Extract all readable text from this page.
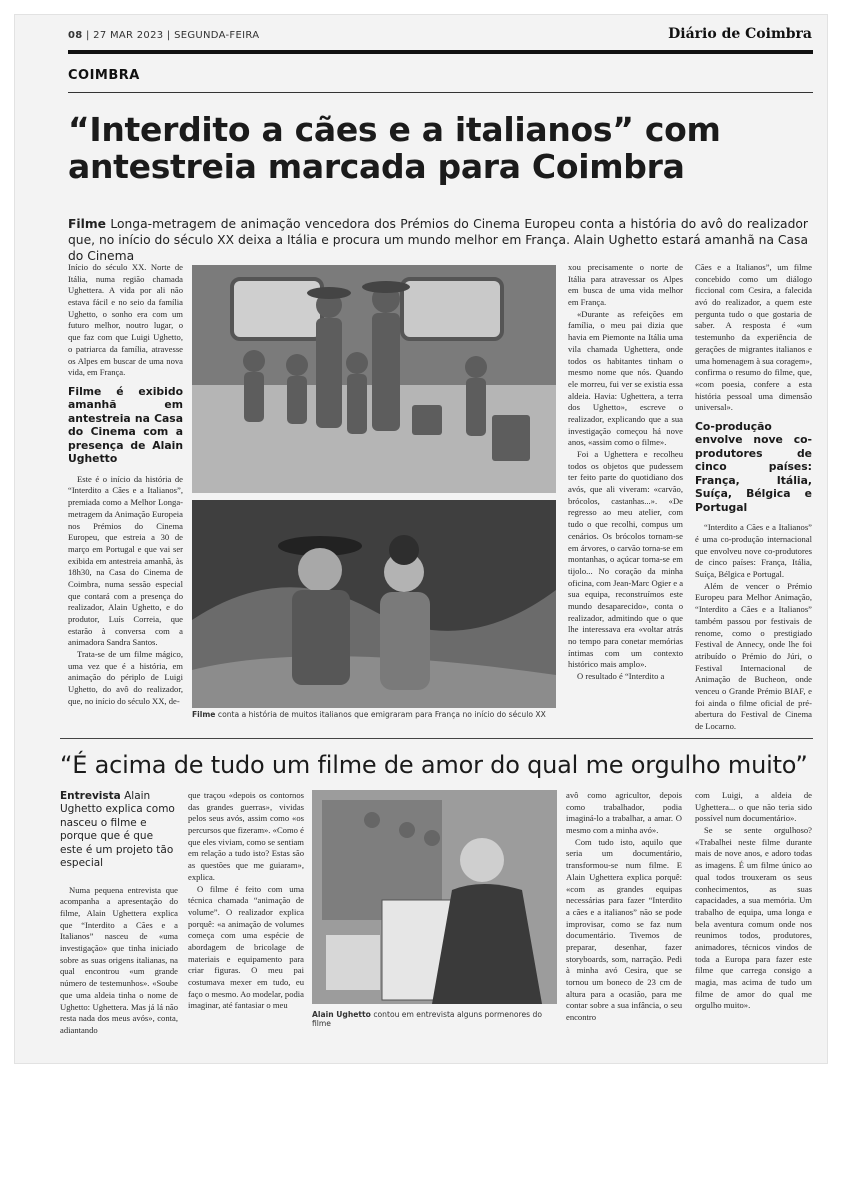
08 | 27 MAR 2023 | SEGUNDA-FEIRA	Diário de Coimbra
COIMBRA
“Interdito a cães e a italianos” com antestreia marcada para Coimbra
Filme Longa-metragem de animação vencedora dos Prémios do Cinema Europeu conta a história do avô do realizador que, no início do século XX deixa a Itália e procura um mundo melhor em França. Alain Ughetto estará amanhã na Casa do Cinema

Início do século XX. Norte de Itália, numa região chamada Ughettera. A vida por ali não estava fácil e no seio da família Ughetto, o sonho era com um futuro melhor, noutro lugar, o que faz com que Luigi Ughetto, o patriarca da família, atravesse os Alpes em buscar de uma nova vida, em França.

Filme é exibido amanhã em antestreia na Casa do Cinema com a presença de Alain Ughetto

Este é o início da história de “Interdito a Cães e a Italianos”, premiada como a Melhor Longa-metragem da Animação Europeia nos Prémios do Cinema Europeu, que estreia a 30 de março em Portugal e que vai ser exibida em antestreia amanhã, às 18h30, na Casa do Cinema de Coimbra, numa sessão especial que contará com a presença do realizador, Alain Ughetto, e do produtor, Luís Correia, que estarão à conversa com a animadora Sandra Santos.

Trata-se de um filme mágico, uma vez que é a história, em animação do périplo de Luigi Ughetto, do avô do realizador, que, no início do século XX, de-

Filme conta a história de muitos italianos que emigraram para França no início do século XX

xou precisamente o norte de Itália para atravessar os Alpes em busca de uma vida melhor em França.

«Durante as refeições em família, o meu pai dizia que havia em Piemonte na Itália uma vila chamada Ughettera, onde todos os habitantes tinham o mesmo nome que nós. Quando ele morreu, fui ver se existia essa aldeia. Havia: Ughettera, a terra dos Ughetto», escreve o realizador, explicando que a sua investigação começou há nove anos, «assim como o filme».

Foi a Ughettera e recolheu todos os objetos que pudessem ter feito parte do quotidiano dos avós, que ali viveram: «carvão, brócolos, castanhas...». «De regresso ao meu atelier, com tudo o que recolhi, compus um cenários. Os brócolos tornam-se em árvores, o carvão torna-se em montanhas, o açúcar torna-se em tijolo... No coração da minha oficina, com Jean-Marc Ogier e a sua equipa, reconstruímos este mundo desaparecido», conta o realizador, admitindo que o que lhe interessava era «voltar atrás no tempo para conetar memórias íntimas com um contexto histórico mais amplo».

O resultado é “Interdito a

Cães e a Italianos”, um filme concebido como um diálogo ficcional com Cesira, a falecida avó do realizador, a quem este pergunta tudo o que gostaria de saber. A resposta é «um testemunho da experiência de gerações de migrantes italianos e uma homenagem à sua coragem», confirma o resumo do filme, que, «com poesia, confere a esta história pessoal uma dimensão universal».

Co-produção envolve nove co-produtores de cinco países: França, Itália, Suíça, Bélgica e Portugal

“Interdito a Cães e a Italianos” é uma co-produção internacional que envolveu nove co-produtores de cinco países: França, Itália, Suíça, Bélgica e Portugal.

Além de vencer o Prémio Europeu para Melhor Animação, “Interdito a Cães e a Italianos” também passou por festivais de renome, como o prestigiado Festival de Annecy, onde lhe foi atribuído o Prémio do Júri, o Festival Internacional de Animação de Bucheon, onde venceu o Grande Prémio BIAF, e foi ainda o filme oficial de pré-abertura do Festival de Cinema de Locarno.

“É acima de tudo um filme de amor do qual me orgulho muito”
Entrevista Alain Ughetto explica como nasceu o filme e porque que é que este é um projeto tão especial

Numa pequena entrevista que acompanha a apresentação do filme, Alain Ughettera explica que “Interdito a Cães e a Italianos” nasceu de «uma investigação» que tinha iniciado sobre as suas origens italianas, na qual encontrou «um grande número de testemunhos». «Soube que uma aldeia tinha o nome de Ughetto: Ughettera. Mas já lá não resta nada dos meus avós», conta, adiantando

que traçou «depois os contornos das grandes guerras», vividas pelos seus avós, assim como «os percursos que fizeram». «Como é que eles viviam, como se sentiam em relação a tudo isto? Estas são as questões que me guiaram», explica.

O filme é feito com uma técnica chamada “animação de volume”. O realizador explica porquê: «a animação de volumes começa com uma espécie de abordagem de bricolage de materiais e equipamento para criar figuras. O meu pai costumava mexer em tudo, eu faço o mesmo. Ao modelar, podia imaginar, até fantasiar o meu

Alain Ughetto contou em entrevista alguns pormenores do filme

avô como agricultor, depois como trabalhador, podia imaginá-lo a trabalhar, a amar. O mesmo com a minha avó».

Com tudo isto, aquilo que seria um documentário, transformou-se num filme. E Alain Ughettera explica porquê: «com as grandes equipas necessárias para fazer “Interdito a cães e a italianos” não se pode improvisar, como se faz num documentário. Tivemos de preparar, desenhar, fazer storyboards, som, narração. Pedi à minha avó Cesira, que se tornou um boneco de 23 cm de altura para a ocasião, para me contar sobre a sua infância, o seu encontro

com Luigi, a aldeia de Ughettera... o que não teria sido possível num documentário».

Se se sente orgulhoso? «Trabalhei neste filme durante mais de nove anos, e adoro todas as imagens. É um filme único ao qual todos trouxeram os seus conhecimentos, as suas capacidades, a sua memória. Um trabalho de equipa, uma longa e bela aventura comum onde nos reunimos todos, produtores, animadores, técnicos vindos de toda a Europa para fazer este filme que carrega consigo a magia, mas acima de tudo um filme de amor do qual me orgulho muito».
